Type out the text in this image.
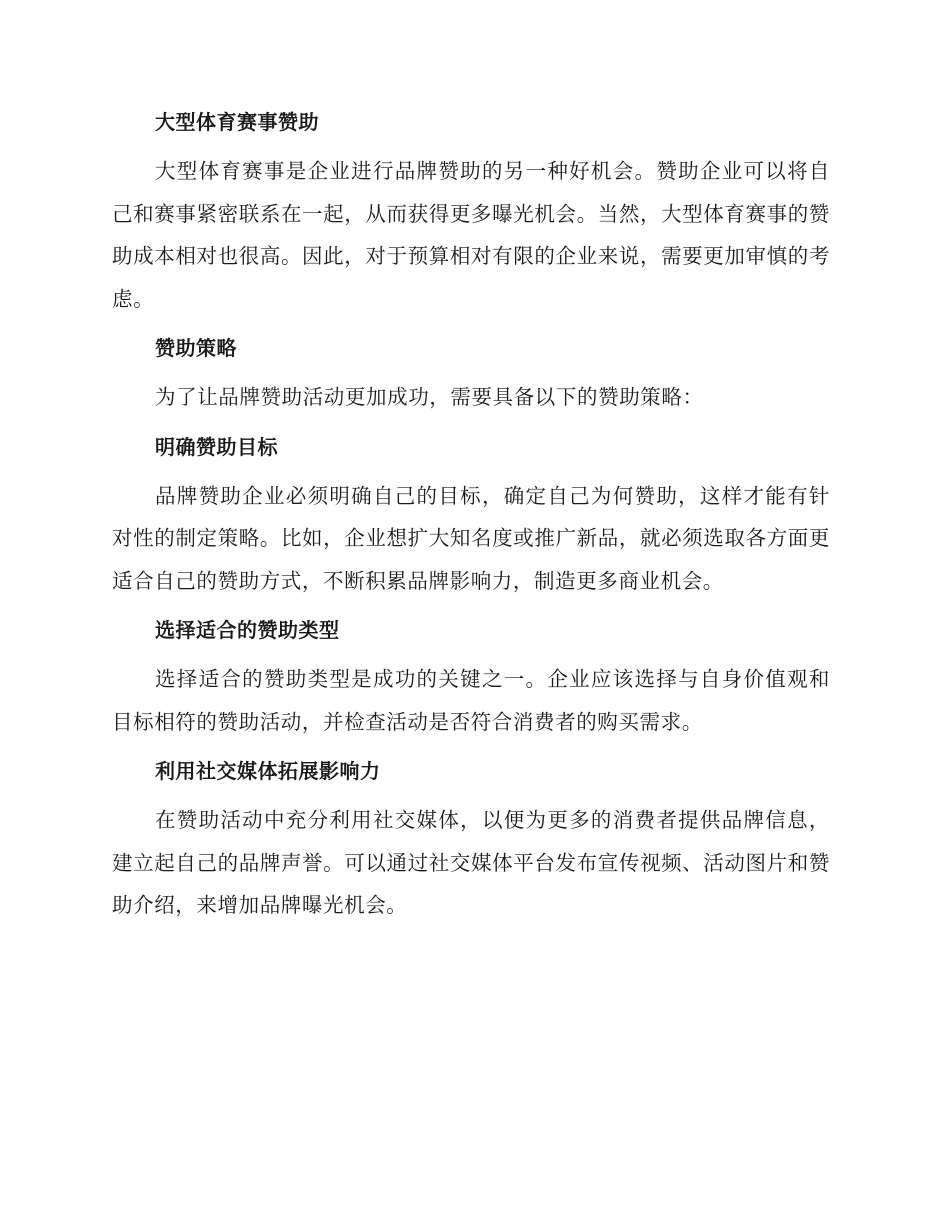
大型体育赛事赞助

大型体育赛事是企业进行品牌赞助的另一种好机会。赞助企业可以将自己和赛事紧密联系在一起，从而获得更多曝光机会。当然，大型体育赛事的赞助成本相对也很高。因此，对于预算相对有限的企业来说，需要更加审慎的考虑。

赞助策略

为了让品牌赞助活动更加成功，需要具备以下的赞助策略：

明确赞助目标

品牌赞助企业必须明确自己的目标，确定自己为何赞助，这样才能有针对性的制定策略。比如，企业想扩大知名度或推广新品，就必须选取各方面更适合自己的赞助方式，不断积累品牌影响力，制造更多商业机会。

选择适合的赞助类型

选择适合的赞助类型是成功的关键之一。企业应该选择与自身价值观和目标相符的赞助活动，并检查活动是否符合消费者的购买需求。

利用社交媒体拓展影响力

在赞助活动中充分利用社交媒体，以便为更多的消费者提供品牌信息，建立起自己的品牌声誉。可以通过社交媒体平台发布宣传视频、活动图片和赞助介绍，来增加品牌曝光机会。
